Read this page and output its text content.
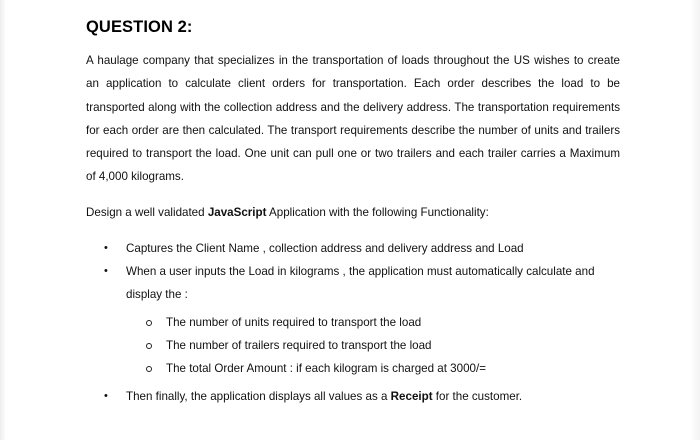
QUESTION 2:

A haulage company that specializes in the transportation of loads throughout the US wishes to create an application to calculate client orders for transportation. Each order describes the load to be transported along with the collection address and the delivery address. The transportation requirements for each order are then calculated. The transport requirements describe the number of units and trailers required to transport the load. One unit can pull one or two trailers and each trailer carries a Maximum of 4,000 kilograms.

Design a well validated JavaScript Application with the following Functionality:

• Captures the Client Name , collection address and delivery address and Load
• When a user inputs the Load in kilograms , the application must automatically calculate and display the :
The number of units required to transport the load
The number of trailers required to transport the load
The total Order Amount : if each kilogram is charged at 3000/=
• Then finally, the application displays all values as a Receipt for the customer.
